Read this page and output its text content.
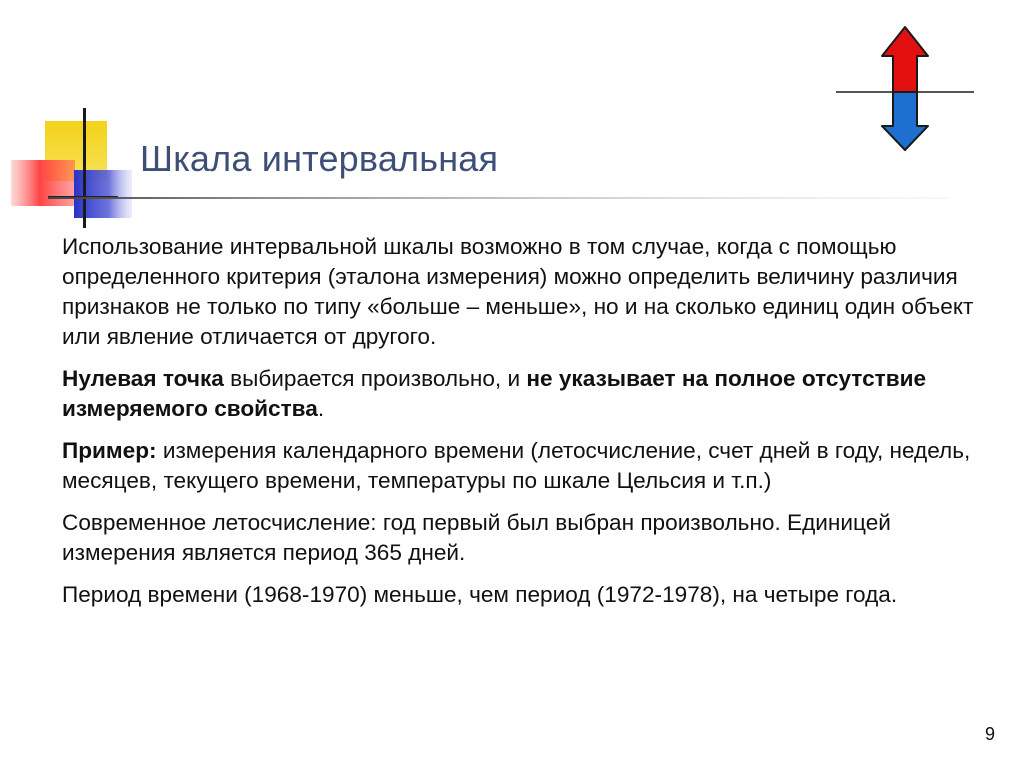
Шкала интервальная

Использование интервальной шкалы возможно в том случае, когда с помощью определенного критерия (эталона измерения) можно определить величину различия признаков не только по типу «больше – меньше», но и на сколько единиц один объект или явление отличается от другого.

Нулевая точка выбирается произвольно, и не указывает на полное отсутствие измеряемого свойства.

Пример: измерения календарного времени (летосчисление, счет дней в году, недель, месяцев, текущего времени, температуры по шкале Цельсия и т.п.)

Современное летосчисление: год первый был выбран произвольно. Единицей измерения является период 365 дней.

Период времени (1968-1970) меньше, чем период (1972-1978), на четыре года.

9
